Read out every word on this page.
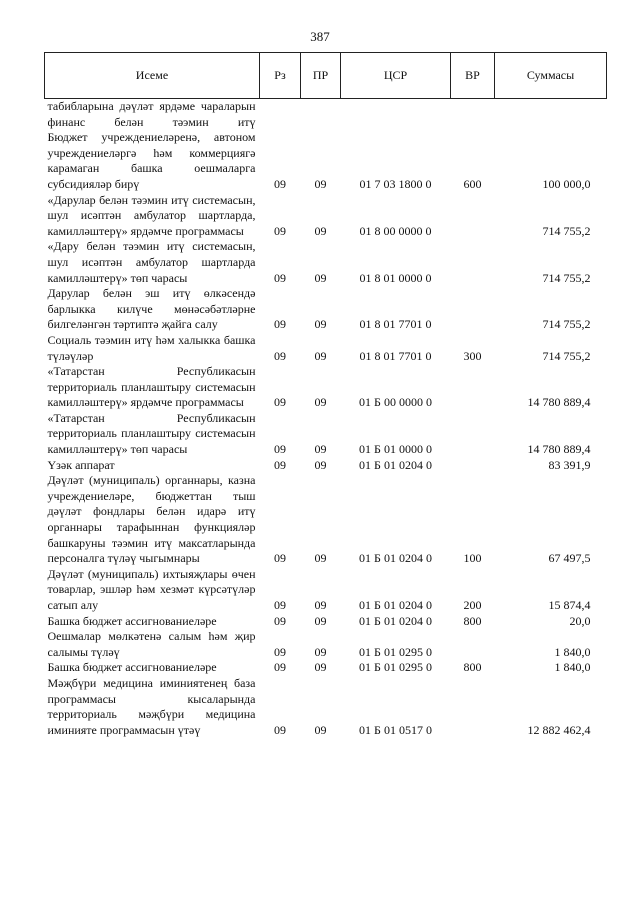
387
Исеме	Рз	ПР	ЦСР	ВР	Суммасы
табибларына дәүләт ярдәме чараларын финанс белән тәэмин итү					
Бюджет учреждениеләренә, автоном учреждениеләргә һәм коммерциягә карамаган башка оешмаларга субсидияләр бирү	09	09	01 7 03 1800 0	600	100 000,0
«Дарулар белән тәэмин итү системасын, шул исәптән амбулатор шартларда, камилләштерү» ярдәмче программасы	09	09	01 8 00 0000 0		714 755,2
«Дару белән тәэмин итү системасын, шул исәптән амбулатор шартларда камилләштерү» төп чарасы	09	09	01 8 01 0000 0		714 755,2
Дарулар белән эш итү өлкәсендә барлыкка килүче мөнәсәбәтләрне билгеләнгән тәртиптә җайга салу	09	09	01 8 01 7701 0		714 755,2
Социаль тәэмин итү һәм халыкка башка түләүләр	09	09	01 8 01 7701 0	300	714 755,2
«Татарстан Республикасын территориаль планлаштыру системасын камилләштерү» ярдәмче программасы	09	09	01 Б 00 0000 0		14 780 889,4
«Татарстан Республикасын территориаль планлаштыру системасын камилләштерү» төп чарасы	09	09	01 Б 01 0000 0		14 780 889,4
Үзәк аппарат	09	09	01 Б 01 0204 0		83 391,9
Дәүләт (муниципаль) органнары, казна учреждениеләре, бюджеттан тыш дәүләт фондлары белән идарә итү органнары тарафыннан функцияләр башкаруны тәэмин итү максатларында персоналга түләү чыгымнары	09	09	01 Б 01 0204 0	100	67 497,5
Дәүләт (муниципаль) ихтыяҗлары өчен товарлар, эшләр һәм хезмәт күрсәтүләр сатып алу	09	09	01 Б 01 0204 0	200	15 874,4
Башка бюджет ассигнованиеләре	09	09	01 Б 01 0204 0	800	20,0
Оешмалар мөлкәтенә салым һәм җир салымы түләү	09	09	01 Б 01 0295 0		1 840,0
Башка бюджет ассигнованиеләре	09	09	01 Б 01 0295 0	800	1 840,0
Мәҗбүри медицина иминиятенең база программасы кысаларында территориаль мәҗбүри медицина иминияте программасын үтәү	09	09	01 Б 01 0517 0		12 882 462,4
